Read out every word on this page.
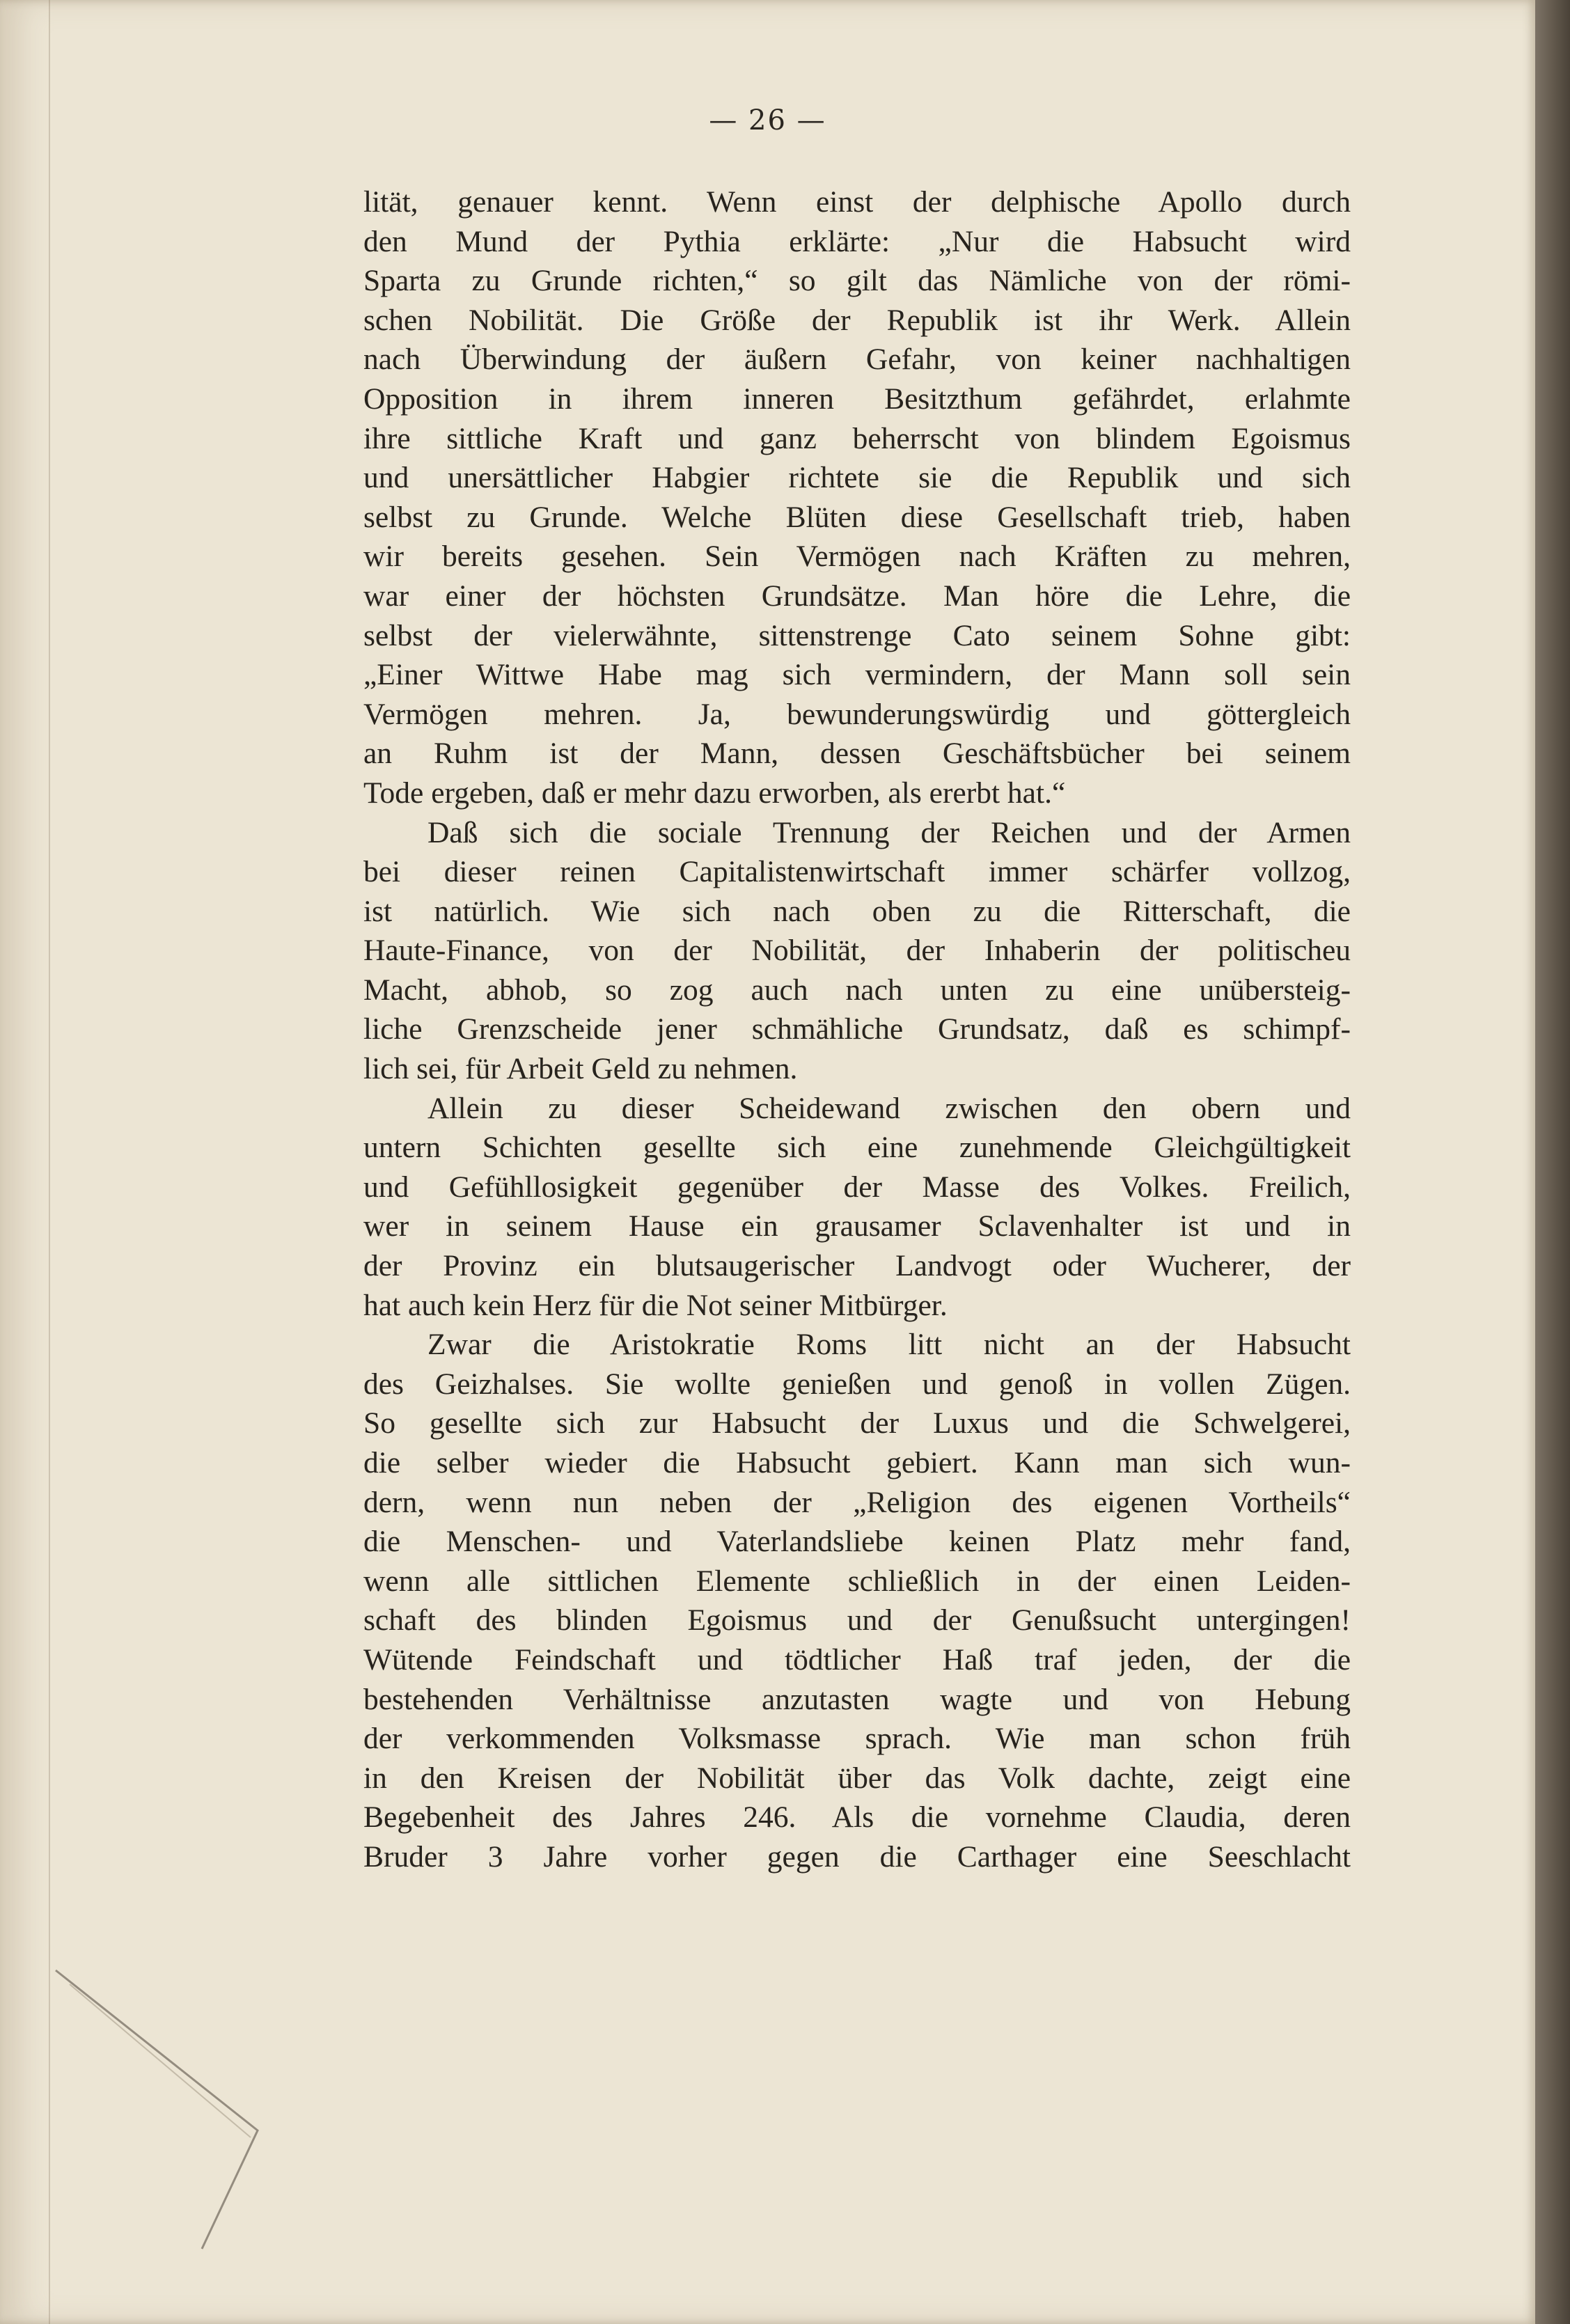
— 26 —
lität, genauer kennt. Wenn einst der delphische Apollo durch
den Mund der Pythia erklärte: „Nur die Habsucht wird
Sparta zu Grunde richten,“ so gilt das Nämliche von der römi-
schen Nobilität. Die Größe der Republik ist ihr Werk. Allein
nach Überwindung der äußern Gefahr, von keiner nachhaltigen
Opposition in ihrem inneren Besitzthum gefährdet, erlahmte
ihre sittliche Kraft und ganz beherrscht von blindem Egoismus
und unersättlicher Habgier richtete sie die Republik und sich
selbst zu Grunde. Welche Blüten diese Gesellschaft trieb, haben
wir bereits gesehen. Sein Vermögen nach Kräften zu mehren,
war einer der höchsten Grundsätze. Man höre die Lehre, die
selbst der vielerwähnte, sittenstrenge Cato seinem Sohne gibt:
„Einer Wittwe Habe mag sich vermindern, der Mann soll sein
Vermögen mehren. Ja, bewunderungswürdig und göttergleich
an Ruhm ist der Mann, dessen Geschäftsbücher bei seinem
Tode ergeben, daß er mehr dazu erworben, als ererbt hat.“
Daß sich die sociale Trennung der Reichen und der Armen
bei dieser reinen Capitalistenwirtschaft immer schärfer vollzog,
ist natürlich. Wie sich nach oben zu die Ritterschaft, die
Haute-Finance, von der Nobilität, der Inhaberin der politischeu
Macht, abhob, so zog auch nach unten zu eine unübersteig-
liche Grenzscheide jener schmähliche Grundsatz, daß es schimpf-
lich sei, für Arbeit Geld zu nehmen.
Allein zu dieser Scheidewand zwischen den obern und
untern Schichten gesellte sich eine zunehmende Gleichgültigkeit
und Gefühllosigkeit gegenüber der Masse des Volkes. Freilich,
wer in seinem Hause ein grausamer Sclavenhalter ist und in
der Provinz ein blutsaugerischer Landvogt oder Wucherer, der
hat auch kein Herz für die Not seiner Mitbürger.
Zwar die Aristokratie Roms litt nicht an der Habsucht
des Geizhalses. Sie wollte genießen und genoß in vollen Zügen.
So gesellte sich zur Habsucht der Luxus und die Schwelgerei,
die selber wieder die Habsucht gebiert. Kann man sich wun-
dern, wenn nun neben der „Religion des eigenen Vortheils“
die Menschen- und Vaterlandsliebe keinen Platz mehr fand,
wenn alle sittlichen Elemente schließlich in der einen Leiden-
schaft des blinden Egoismus und der Genußsucht untergingen!
Wütende Feindschaft und tödtlicher Haß traf jeden, der die
bestehenden Verhältnisse anzutasten wagte und von Hebung
der verkommenden Volksmasse sprach. Wie man schon früh
in den Kreisen der Nobilität über das Volk dachte, zeigt eine
Begebenheit des Jahres 246. Als die vornehme Claudia, deren
Bruder 3 Jahre vorher gegen die Carthager eine Seeschlacht
